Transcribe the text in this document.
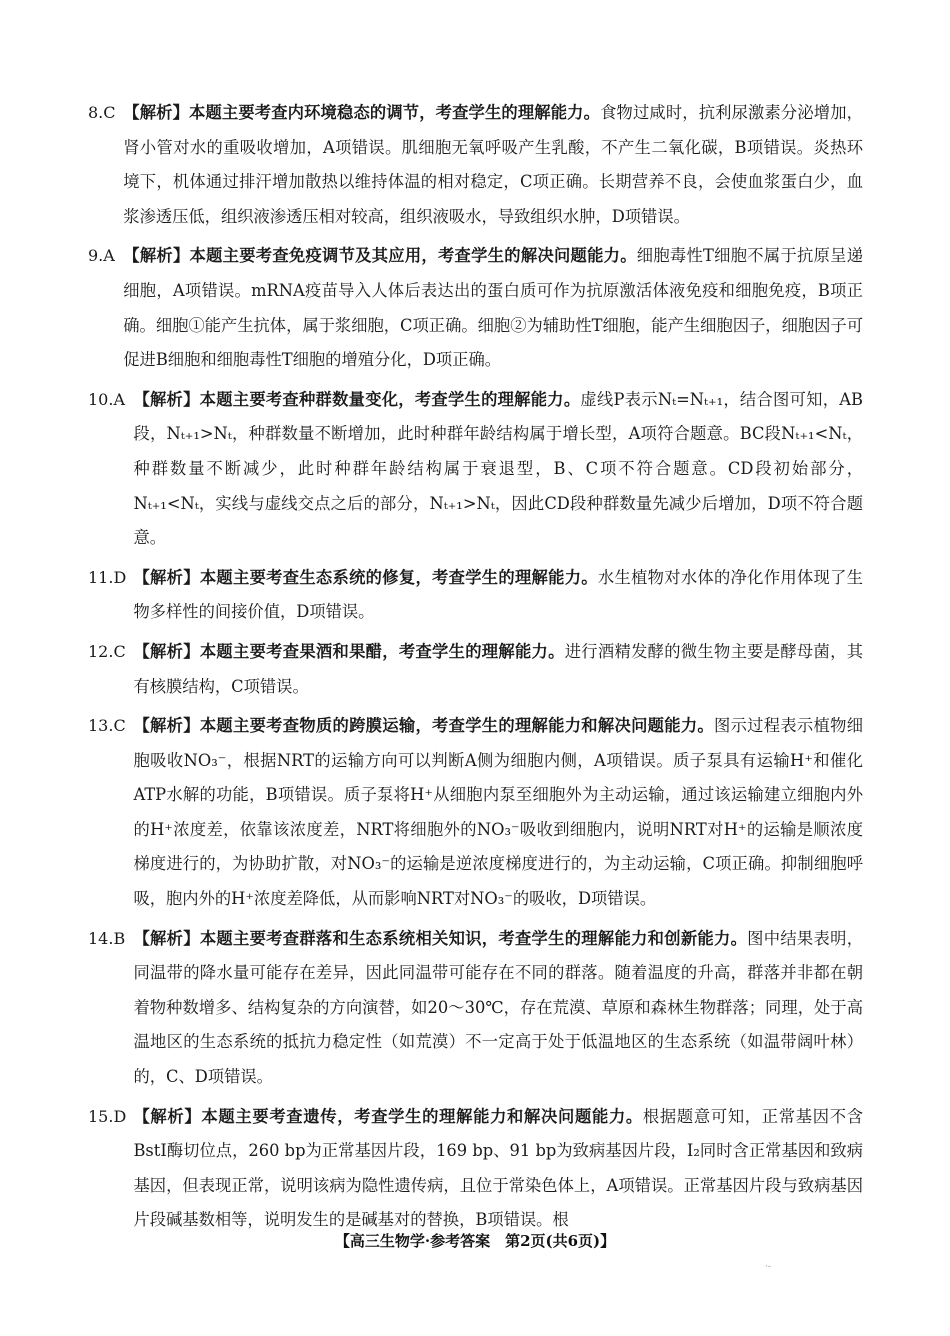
8.C 【解析】本题主要考查内环境稳态的调节，考查学生的理解能力。食物过咸时，抗利尿激素分泌增加，肾小管对水的重吸收增加，A项错误。肌细胞无氧呼吸产生乳酸，不产生二氧化碳，B项错误。炎热环境下，机体通过排汗增加散热以维持体温的相对稳定，C项正确。长期营养不良，会使血浆蛋白少，血浆渗透压低，组织液渗透压相对较高，组织液吸水，导致组织水肿，D项错误。
9.A 【解析】本题主要考查免疫调节及其应用，考查学生的解决问题能力。细胞毒性T细胞不属于抗原呈递细胞，A项错误。mRNA疫苗导入人体后表达出的蛋白质可作为抗原激活体液免疫和细胞免疫，B项正确。细胞①能产生抗体，属于浆细胞，C项正确。细胞②为辅助性T细胞，能产生细胞因子，细胞因子可促进B细胞和细胞毒性T细胞的增殖分化，D项正确。
10.A 【解析】本题主要考查种群数量变化，考查学生的理解能力。虚线P表示Nₜ=Nₜ₊₁，结合图可知，AB段，Nₜ₊₁>Nₜ，种群数量不断增加，此时种群年龄结构属于增长型，A项符合题意。BC段Nₜ₊₁<Nₜ，种群数量不断减少，此时种群年龄结构属于衰退型，B、C项不符合题意。CD段初始部分，Nₜ₊₁<Nₜ，实线与虚线交点之后的部分，Nₜ₊₁>Nₜ，因此CD段种群数量先减少后增加，D项不符合题意。
11.D 【解析】本题主要考查生态系统的修复，考查学生的理解能力。水生植物对水体的净化作用体现了生物多样性的间接价值，D项错误。
12.C 【解析】本题主要考查果酒和果醋，考查学生的理解能力。进行酒精发酵的微生物主要是酵母菌，其有核膜结构，C项错误。
13.C 【解析】本题主要考查物质的跨膜运输，考查学生的理解能力和解决问题能力。图示过程表示植物细胞吸收NO₃⁻，根据NRT的运输方向可以判断A侧为细胞内侧，A项错误。质子泵具有运输H⁺和催化ATP水解的功能，B项错误。质子泵将H⁺从细胞内泵至细胞外为主动运输，通过该运输建立细胞内外的H⁺浓度差，依靠该浓度差，NRT将细胞外的NO₃⁻吸收到细胞内，说明NRT对H⁺的运输是顺浓度梯度进行的，为协助扩散，对NO₃⁻的运输是逆浓度梯度进行的，为主动运输，C项正确。抑制细胞呼吸，胞内外的H⁺浓度差降低，从而影响NRT对NO₃⁻的吸收，D项错误。
14.B 【解析】本题主要考查群落和生态系统相关知识，考查学生的理解能力和创新能力。图中结果表明，同温带的降水量可能存在差异，因此同温带可能存在不同的群落。随着温度的升高，群落并非都在朝着物种数增多、结构复杂的方向演替，如20～30℃，存在荒漠、草原和森林生物群落；同理，处于高温地区的生态系统的抵抗力稳定性（如荒漠）不一定高于处于低温地区的生态系统（如温带阔叶林）的，C、D项错误。
15.D 【解析】本题主要考查遗传，考查学生的理解能力和解决问题能力。根据题意可知，正常基因不含BstⅠ酶切位点，260 bp为正常基因片段，169 bp、91 bp为致病基因片段，Ⅰ₂同时含正常基因和致病基因，但表现正常，说明该病为隐性遗传病，且位于常染色体上，A项错误。正常基因片段与致病基因片段碱基数相等，说明发生的是碱基对的替换，B项错误。根
【高三生物学·参考答案　第2页(共6页)】
·-
